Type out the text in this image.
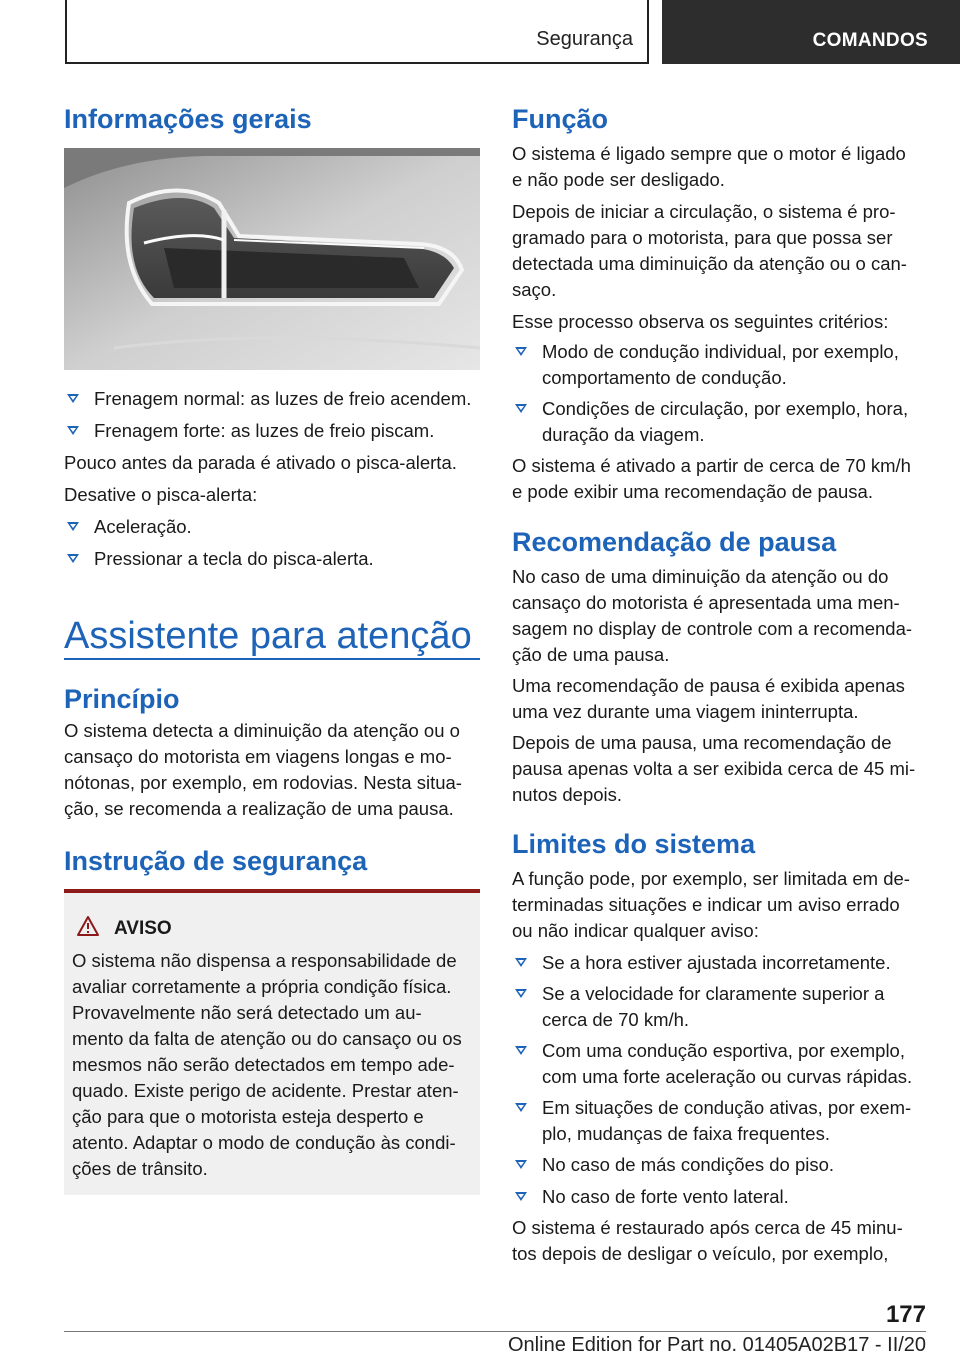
Segurança	COMANDOS
Informações gerais
Frenagem normal: as luzes de freio acendem.
Frenagem forte: as luzes de freio piscam.

Pouco antes da parada é ativado o pisca-alerta.

Desative o pisca-alerta:

Aceleração.
Pressionar a tecla do pisca-alerta.
Assistente para atenção
Princípio

O sistema detecta a diminuição da atenção ou o

cansaço do motorista em viagens longas e mo-

nótonas, por exemplo, em rodovias. Nesta situa-

ção, se recomenda a realização de uma pausa.

Instrução de segurança
AVISO

O sistema não dispensa a responsabilidade de

avaliar corretamente a própria condição física.

Provavelmente não será detectado um au-

mento da falta de atenção ou do cansaço ou os

mesmos não serão detectados em tempo ade-

quado. Existe perigo de acidente. Prestar aten-

ção para que o motorista esteja desperto e

atento. Adaptar o modo de condução às condi-

ções de trânsito.

Função

O sistema é ligado sempre que o motor é ligado

e não pode ser desligado.

Depois de iniciar a circulação, o sistema é pro-

gramado para o motorista, para que possa ser

detectada uma diminuição da atenção ou o can-

saço.

Esse processo observa os seguintes critérios:

Modo de condução individual, por exemplo,
comportamento de condução.
Condições de circulação, por exemplo, hora,
duração da viagem.

O sistema é ativado a partir de cerca de 70 km/h

e pode exibir uma recomendação de pausa.

Recomendação de pausa

No caso de uma diminuição da atenção ou do

cansaço do motorista é apresentada uma men-

sagem no display de controle com a recomenda-

ção de uma pausa.

Uma recomendação de pausa é exibida apenas

uma vez durante uma viagem ininterrupta.

Depois de uma pausa, uma recomendação de

pausa apenas volta a ser exibida cerca de 45 mi-

nutos depois.

Limites do sistema

A função pode, por exemplo, ser limitada em de-

terminadas situações e indicar um aviso errado

ou não indicar qualquer aviso:

Se a hora estiver ajustada incorretamente.
Se a velocidade for claramente superior a
cerca de 70 km/h.
Com uma condução esportiva, por exemplo,
com uma forte aceleração ou curvas rápidas.
Em situações de condução ativas, por exem-
plo, mudanças de faixa frequentes.
No caso de más condições do piso.
No caso de forte vento lateral.

O sistema é restaurado após cerca de 45 minu-

tos depois de desligar o veículo, por exemplo,

177
Online Edition for Part no. 01405A02B17 - II/20
